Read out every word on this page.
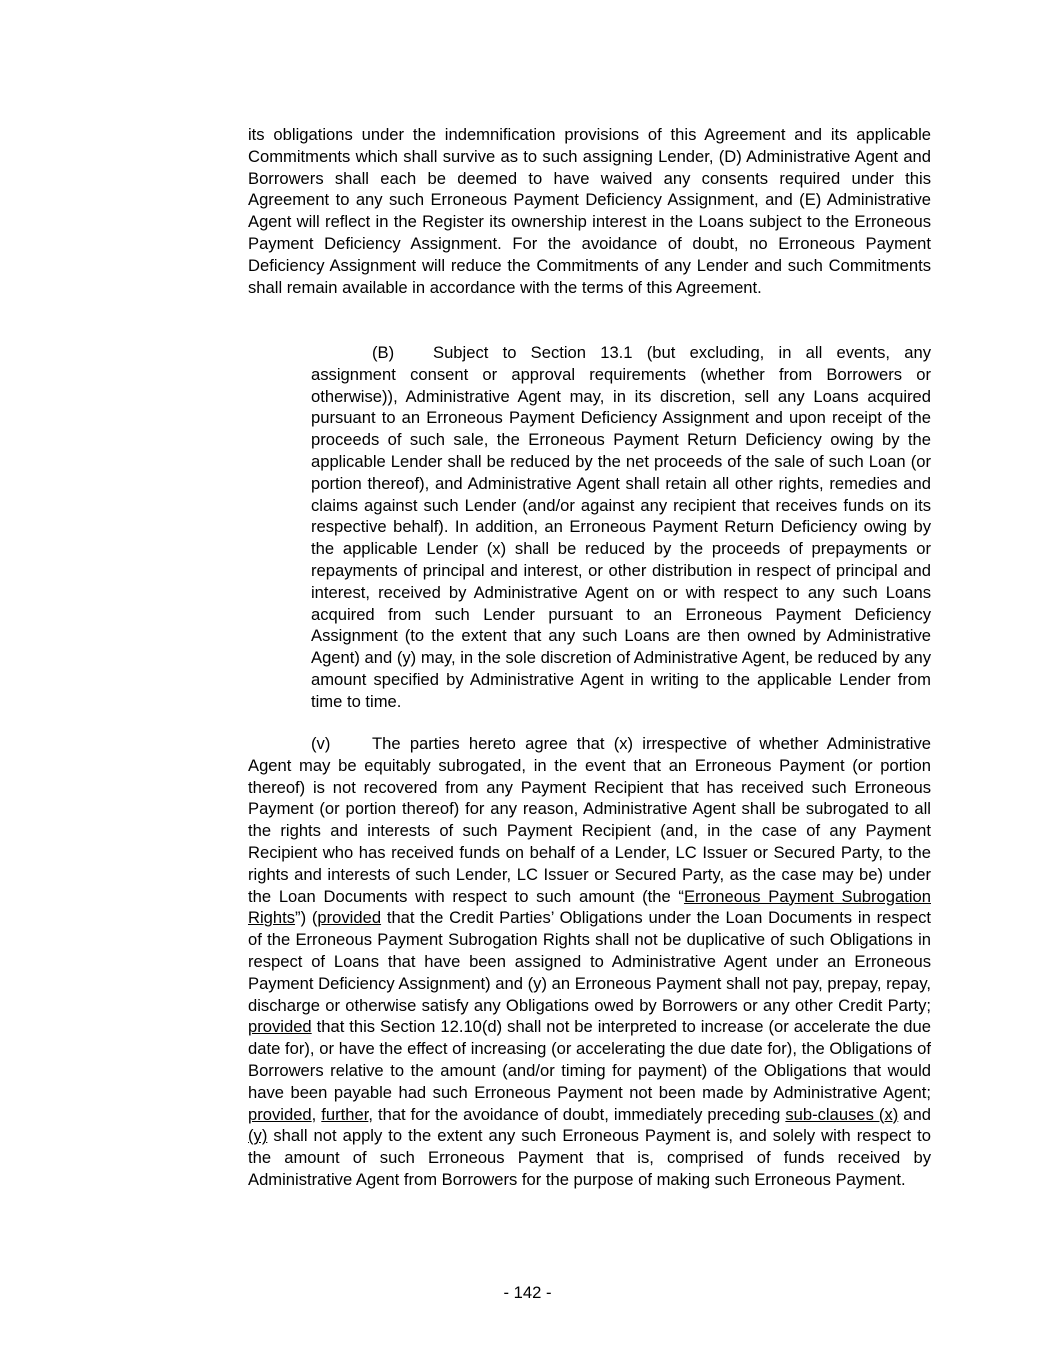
its obligations under the indemnification provisions of this Agreement and its applicable Commitments which shall survive as to such assigning Lender, (D) Administrative Agent and Borrowers shall each be deemed to have waived any consents required under this Agreement to any such Erroneous Payment Deficiency Assignment, and (E) Administrative Agent will reflect in the Register its ownership interest in the Loans subject to the Erroneous Payment Deficiency Assignment. For the avoidance of doubt, no Erroneous Payment Deficiency Assignment will reduce the Commitments of any Lender and such Commitments shall remain available in accordance with the terms of this Agreement.

(B) Subject to Section 13.1 (but excluding, in all events, any assignment consent or approval requirements (whether from Borrowers or otherwise)), Administrative Agent may, in its discretion, sell any Loans acquired pursuant to an Erroneous Payment Deficiency Assignment and upon receipt of the proceeds of such sale, the Erroneous Payment Return Deficiency owing by the applicable Lender shall be reduced by the net proceeds of the sale of such Loan (or portion thereof), and Administrative Agent shall retain all other rights, remedies and claims against such Lender (and/or against any recipient that receives funds on its respective behalf). In addition, an Erroneous Payment Return Deficiency owing by the applicable Lender (x) shall be reduced by the proceeds of prepayments or repayments of principal and interest, or other distribution in respect of principal and interest, received by Administrative Agent on or with respect to any such Loans acquired from such Lender pursuant to an Erroneous Payment Deficiency Assignment (to the extent that any such Loans are then owned by Administrative Agent) and (y) may, in the sole discretion of Administrative Agent, be reduced by any amount specified by Administrative Agent in writing to the applicable Lender from time to time.

(v)	The parties hereto agree that (x) irrespective of whether Administrative Agent may be equitably subrogated, in the event that an Erroneous Payment (or portion thereof) is not recovered from any Payment Recipient that has received such Erroneous Payment (or portion thereof) for any reason, Administrative Agent shall be subrogated to all the rights and interests of such Payment Recipient (and, in the case of any Payment Recipient who has received funds on behalf of a Lender, LC Issuer or Secured Party, to the rights and interests of such Lender, LC Issuer or Secured Party, as the case may be) under the Loan Documents with respect to such amount (the “Erroneous Payment Subrogation Rights”) (provided that the Credit Parties’ Obligations under the Loan Documents in respect of the Erroneous Payment Subrogation Rights shall not be duplicative of such Obligations in respect of Loans that have been assigned to Administrative Agent under an Erroneous Payment Deficiency Assignment) and (y) an Erroneous Payment shall not pay, prepay, repay, discharge or otherwise satisfy any Obligations owed by Borrowers or any other Credit Party; provided that this Section 12.10(d) shall not be interpreted to increase (or accelerate the due date for), or have the effect of increasing (or accelerating the due date for), the Obligations of Borrowers relative to the amount (and/or timing for payment) of the Obligations that would have been payable had such Erroneous Payment not been made by Administrative Agent; provided, further, that for the avoidance of doubt, immediately preceding sub-clauses (x) and (y) shall not apply to the extent any such Erroneous Payment is, and solely with respect to the amount of such Erroneous Payment that is, comprised of funds received by Administrative Agent from Borrowers for the purpose of making such Erroneous Payment.

- 142 -
